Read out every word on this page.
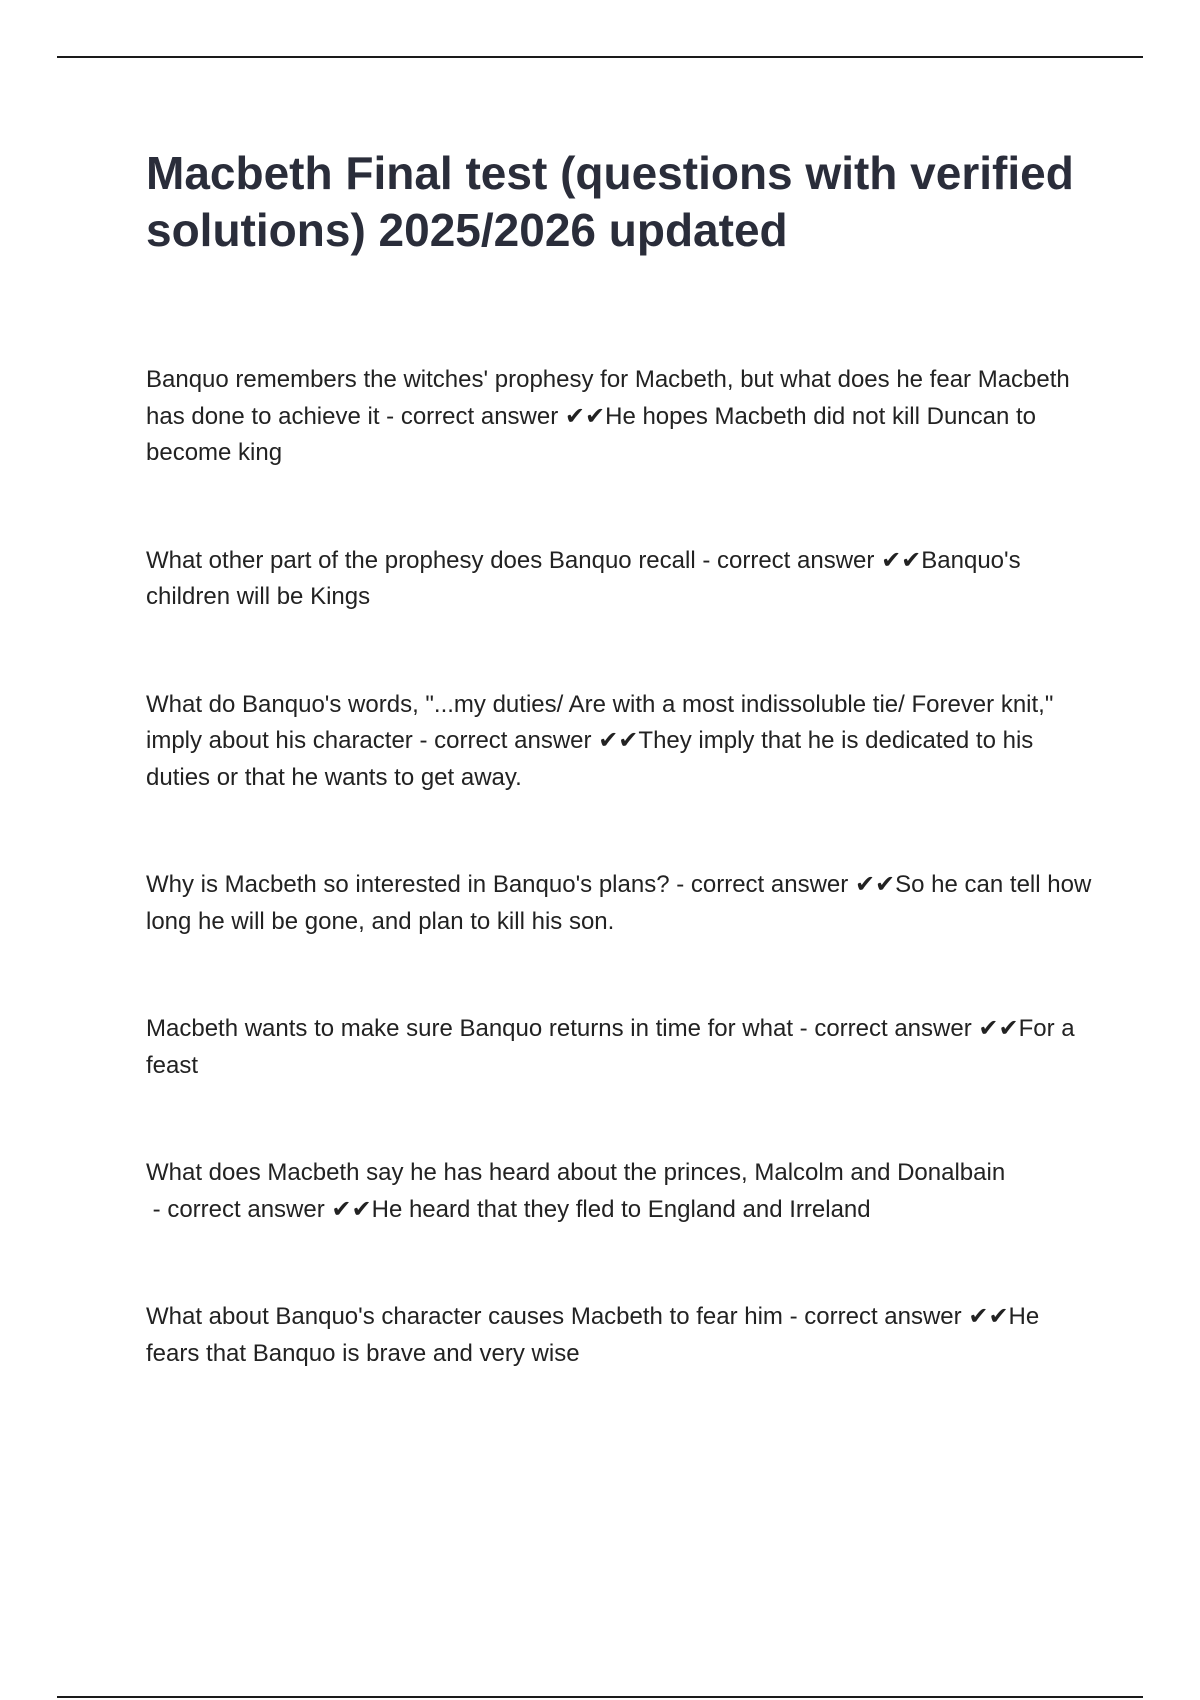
Macbeth Final test (questions with verified solutions) 2025/2026 updated

Banquo remembers the witches' prophesy for Macbeth, but what does he fear Macbeth has done to achieve it - correct answer ✔✔He hopes Macbeth did not kill Duncan to become king

What other part of the prophesy does Banquo recall - correct answer ✔✔Banquo's children will be Kings

What do Banquo's words, "...my duties/ Are with a most indissoluble tie/ Forever knit," imply about his character - correct answer ✔✔They imply that he is dedicated to his duties or that he wants to get away.

Why is Macbeth so interested in Banquo's plans? - correct answer ✔✔So he can tell how long he will be gone, and plan to kill his son.

Macbeth wants to make sure Banquo returns in time for what - correct answer ✔✔For a feast

What does Macbeth say he has heard about the princes, Malcolm and Donalbain - correct answer ✔✔He heard that they fled to England and Irreland

What about Banquo's character causes Macbeth to fear him - correct answer ✔✔He fears that Banquo is brave and very wise
